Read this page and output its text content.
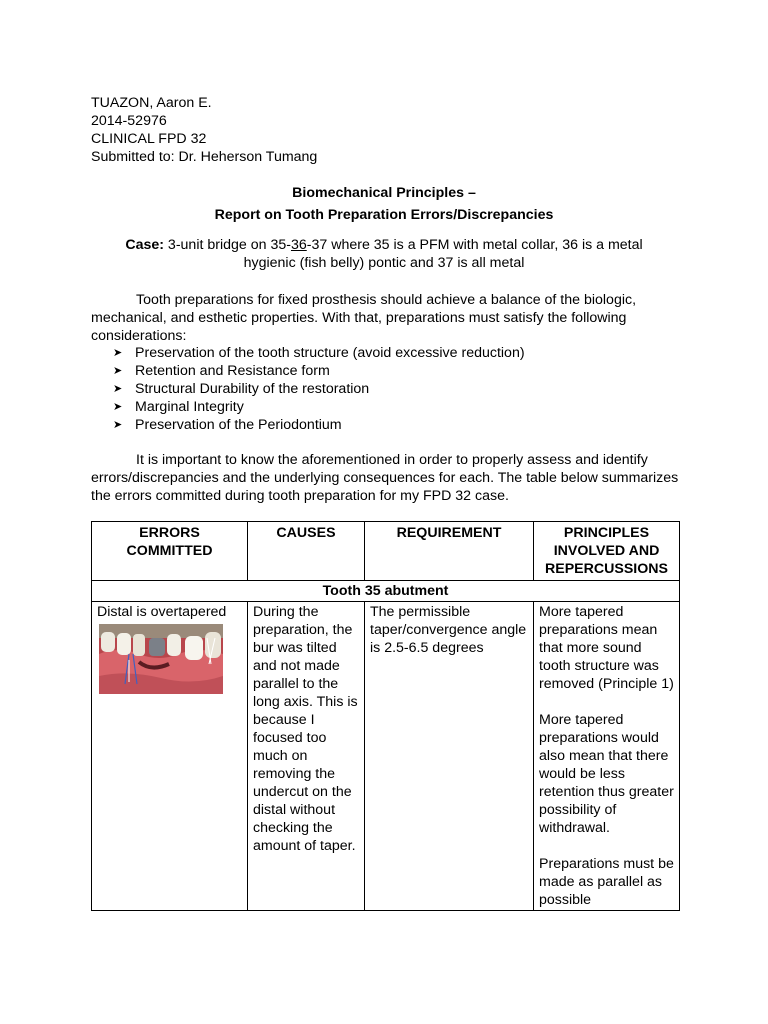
TUAZON, Aaron E.
2014-52976
CLINICAL FPD 32
Submitted to: Dr. Heherson Tumang
Biomechanical Principles –
Report on Tooth Preparation Errors/Discrepancies
Case: 3-unit bridge on 35-36-37 where 35 is a PFM with metal collar, 36 is a metal hygienic (fish belly) pontic and 37 is all metal
Tooth preparations for fixed prosthesis should achieve a balance of the biologic, mechanical, and esthetic properties. With that, preparations must satisfy the following considerations:
➤ Preservation of the tooth structure (avoid excessive reduction)
➤ Retention and Resistance form
➤ Structural Durability of the restoration
➤ Marginal Integrity
➤ Preservation of the Periodontium
It is important to know the aforementioned in order to properly assess and identify errors/discrepancies and the underlying consequences for each. The table below summarizes the errors committed during tooth preparation for my FPD 32 case.
ERRORS COMMITTED	CAUSES	REQUIREMENT	PRINCIPLES INVOLVED AND REPERCUSSIONS
Tooth 35 abutment			

Distal is overtapered	During the preparation, the bur was tilted and not made parallel to the long axis. This is because I focused too much on removing the undercut on the distal without checking the amount of taper.	The permissible taper/convergence angle is 2.5-6.5 degrees	More tapered preparations mean that more sound tooth structure was removed (Principle 1)
More tapered preparations would also mean that there would be less retention thus greater possibility of withdrawal.
Preparations must be made as parallel as possible
